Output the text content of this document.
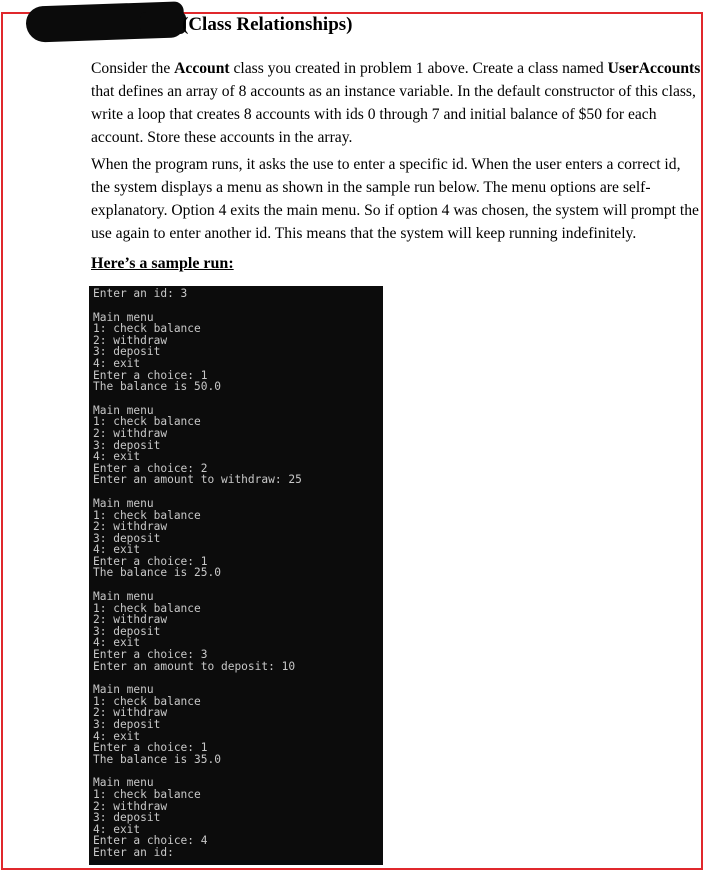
(Class Relationships)

Consider the Account class you created in problem 1 above. Create a class named UserAccounts that defines an array of 8 accounts as an instance variable. In the default constructor of this class, write a loop that creates 8 accounts with ids 0 through 7 and initial balance of $50 for each account. Store these accounts in the array.

When the program runs, it asks the use to enter a specific id. When the user enters a correct id, the system displays a menu as shown in the sample run below. The menu options are self-explanatory. Option 4 exits the main menu. So if option 4 was chosen, the system will prompt the use again to enter another id. This means that the system will keep running indefinitely.

Here’s a sample run:
Enter an id: 3
Main menu
1: check balance
2: withdraw
3: deposit
4: exit
Enter a choice: 1
The balance is 50.0
Main menu
1: check balance
2: withdraw
3: deposit
4: exit
Enter a choice: 2
Enter an amount to withdraw: 25
Main menu
1: check balance
2: withdraw
3: deposit
4: exit
Enter a choice: 1
The balance is 25.0
Main menu
1: check balance
2: withdraw
3: deposit
4: exit
Enter a choice: 3
Enter an amount to deposit: 10
Main menu
1: check balance
2: withdraw
3: deposit
4: exit
Enter a choice: 1
The balance is 35.0
Main menu
1: check balance
2: withdraw
3: deposit
4: exit
Enter a choice: 4
Enter an id:
